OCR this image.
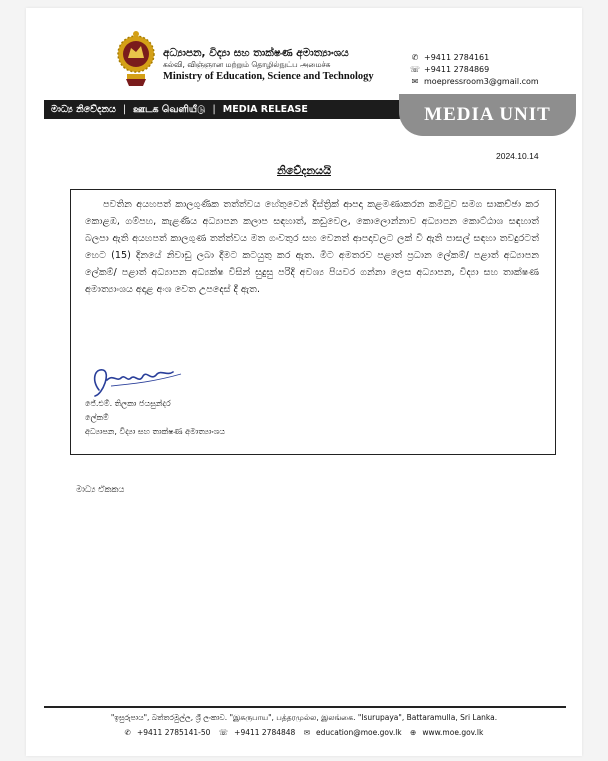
අධ්‍යාපන, විද්‍යා සහ තාක්ෂණ අමාත්‍යාංශය
கல்வி, விஞ்ஞான மற்றும் தொழில்நுட்ப அமைச்சு
Ministry of Education, Science and Technology
✆ +9411 2784161
☏ +9411 2784869
✉ moepressroom3@gmail.com
මාධ්‍ය නිවේදනය | ஊடக வெளியீடு | MEDIA RELEASE	MEDIA UNIT
2024.10.14
නිවේදනයයි
පවතින අයහපත් කාලගුණික තත්ත්වය හේතුවෙන් දිස්ත්‍රික් ආපදා කළමණාකරන කමිටුව සමග සාකච්ඡා කර කොළඹ, ගම්පහ, කැළණිය අධ්‍යාපන කලාප සඳහාත්, කඩුවෙල, කොලොන්නාව අධ්‍යාපන කොට්ඨාශ සඳහාත් බලපා ඇති අයහපත් කාලගුණ තත්ත්වය මත ගංවතුර සහ වෙනත් ආපදාවලට ලක් වී ඇති පාසල් සඳහා තවදුරටත් හෙට (15) දිනයේ නිවාඩු ලබා දීමට කටයුතු කර ඇත. මීට අමතරව පළාත් ප්‍රධාන ලේකම්/ පළාත් අධ්‍යාපන ලේකම්/ පළාත් අධ්‍යාපන අධ්‍යක්ෂ විසින් සුදුසු පරිදි අවශ්‍ය පියවර ගන්නා ලෙස අධ්‍යාපන, විද්‍යා සහ තාක්ෂණ අමාත්‍යාංශය අදාළ අංශ වෙත උපදෙස් දී ඇත.
ජේ.එම්. තිලකා ජයසුන්දර
ලේකම්
අධ්‍යාපන, විද්‍යා සහ තාක්ෂණ අමාත්‍යාංශය
මාධ්‍ය ඒකකය
"ඉසුරුපාය", බත්තරමුල්ල, ශ්‍රී ලංකාව. "இசுருபாய", பத்தரமுல்ல, இலங்கை. "Isurupaya", Battaramulla, Sri Lanka.
✆ +9411 2785141-50 ☏ +9411 2784848 ✉ education@moe.gov.lk ⊕ www.moe.gov.lk
